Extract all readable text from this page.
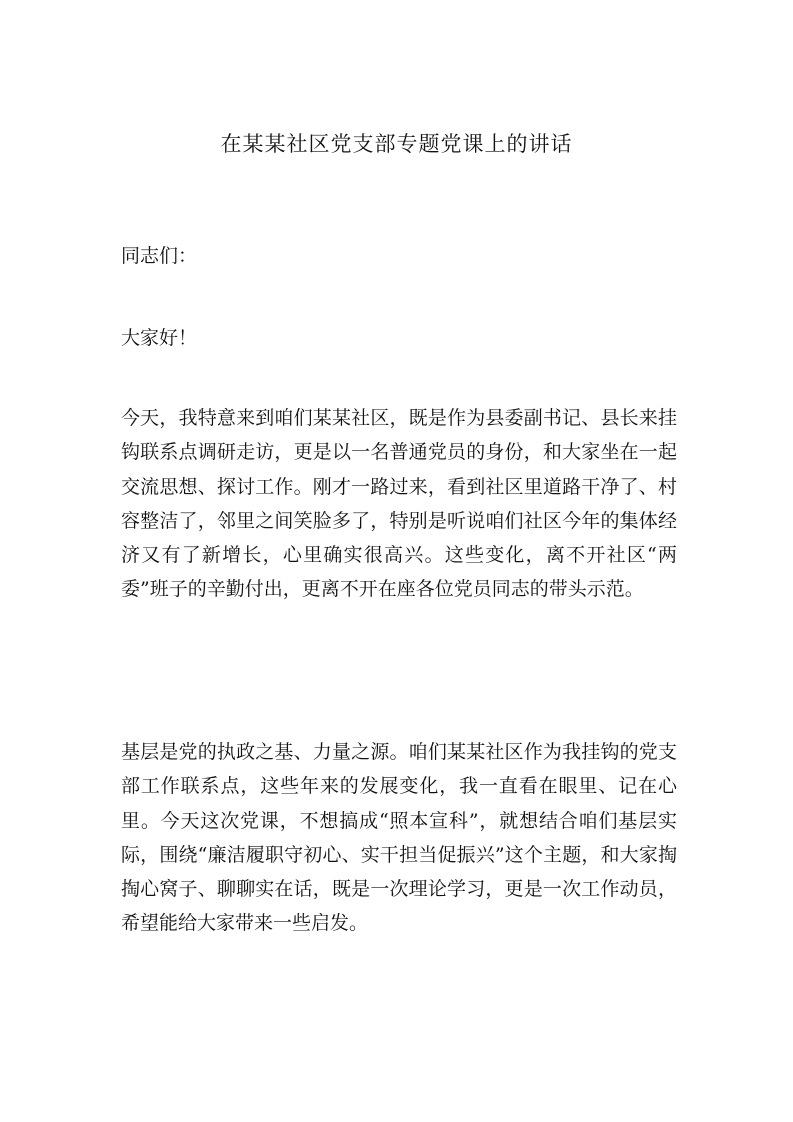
在某某社区党支部专题党课上的讲话

同志们：

大家好！

今天，我特意来到咱们某某社区，既是作为县委副书记、县长来挂钩联系点调研走访，更是以一名普通党员的身份，和大家坐在一起交流思想、探讨工作。刚才一路过来，看到社区里道路干净了、村容整洁了，邻里之间笑脸多了，特别是听说咱们社区今年的集体经济又有了新增长，心里确实很高兴。这些变化，离不开社区“两委”班子的辛勤付出，更离不开在座各位党员同志的带头示范。

基层是党的执政之基、力量之源。咱们某某社区作为我挂钩的党支部工作联系点，这些年来的发展变化，我一直看在眼里、记在心里。今天这次党课，不想搞成“照本宣科”，就想结合咱们基层实际，围绕“廉洁履职守初心、实干担当促振兴”这个主题，和大家掏掏心窝子、聊聊实在话，既是一次理论学习，更是一次工作动员，希望能给大家带来一些启发。
